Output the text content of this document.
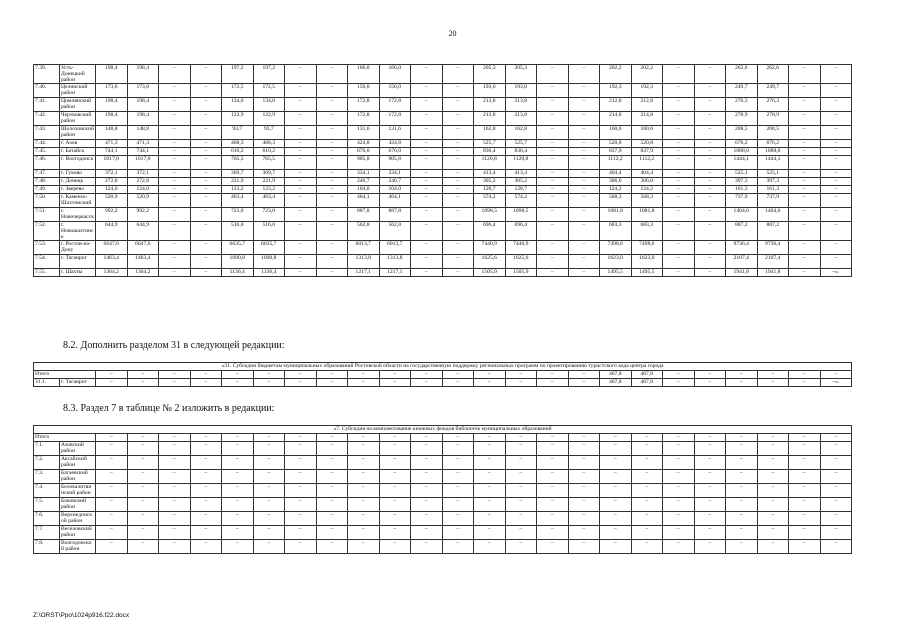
20
7.39.	Усть-Донецкий район	198,4	198,4	–	–	197,2	197,2	–	–	166,0	166,0	–	–	205,3	205,3	–	–	202,2	202,2	–	–	262,6	262,6	–	–
7.40.	Целинский район	173,6	173,6	–	–	172,5	172,5	–	–	156,0	156,0	–	–	193,0	193,0	–	–	192,3	192,3	–	–	249,7	249,7	–	–
7.41.	Цимлянский район	198,4	198,4	–	–	134,0	134,0	–	–	172,8	172,8	–	–	213,8	213,8	–	–	212,8	212,8	–	–	276,3	276,3	–	–
7.42.	Чертковский район	198,4	198,4	–	–	122,9	122,9	–	–	172,8	172,8	–	–	213,8	213,8	–	–	214,8	214,8	–	–	278,9	278,9	–	–
7.43.	Шолоховский район	148,8	148,8	–	–	93,7	93,7	–	–	131,6	131,6	–	–	162,8	162,8	–	–	160,6	160,6	–	–	208,5	208,5	–	–
7.44.	г. Азов	471,3	471,3	–	–	468,3	468,3	–	–	424,8	424,8	–	–	525,7	525,7	–	–	520,8	520,8	–	–	676,2	676,2	–	–
7.45.	г. Батайск	744,1	744,1	–	–	610,2	610,2	–	–	676,0	676,0	–	–	836,4	836,4	–	–	837,9	837,9	–	–	1088,0	1088,0	–	–
7.46.	г. Волгодонск	1017,0	1017,0	–	–	765,5	765,5	–	–	905,8	905,8	–	–	1120,8	1120,8	–	–	1112,2	1112,2	–	–	1444,1	1444,1	–	–
7.47.	г. Гуково	372,1	372,1	–	–	369,7	369,7	–	–	334,1	334,1	–	–	413,4	413,4	–	–	404,4	404,4	–	–	525,1	525,1	–	–
7.48.	г. Донецк	272,8	272,8	–	–	221,9	221,9	–	–	246,7	246,7	–	–	305,2	305,2	–	–	306,0	306,0	–	–	397,3	397,3	–	–
7.49.	г. Зверево	124,0	124,0	–	–	123,2	123,2	–	–	104,0	104,0	–	–	128,7	128,7	–	–	124,2	124,2	–	–	161,3	161,3	–	–
7.50.	г. Каменск-Шахтинский	520,9	520,9	–	–	463,4	463,4	–	–	464,1	464,1	–	–	574,2	574,2	–	–	568,3	568,3	–	–	737,9	737,9	–	–
7.51.	г. Новочеркасск	992,2	992,2	–	–	723,0	723,0	–	–	887,8	887,8	–	–	1098,5	1098,5	–	–	1081,8	1081,8	–	–	1404,6	1404,6	–	–
7.52.	г. Новошахтинск	644,9	644,9	–	–	516,0	516,0	–	–	562,8	562,8	–	–	696,4	696,4	–	–	683,3	683,3	–	–	887,2	887,2	–	–
7.53.	г. Ростов-на-Дону	6647,6	6647,6	–	–	6635,7	6635,7	–	–	6013,7	6013,7	–	–	7440,9	7440,9	–	–	7498,6	7498,6	–	–	9736,4	9736,4	–	–
7.54.	г. Таганрог	1463,4	1463,4	–	–	1090,8	1090,8	–	–	1313,8	1313,8	–	–	1625,6	1625,6	–	–	1623,0	1623,0	–	–	2107,4	2107,4	–	–
7.55.	г. Шахты	1364,2	1364,2	–	–	1136,4	1136,4	–	–	1217,1	1217,1	–	–	1505,9	1505,9	–	–	1495,5	1495,5	–	–	1941,8	1941,8	–	–».
8.2. Дополнить разделом 31 в следующей редакции:
«31. Субсидии бюджетам муниципальных образований Ростовской области на государственную поддержку региональных программ по проектированию туристского кода центра города																									
Итого		–	–	–	–	–	–	–	–	–	–	–	–	–	–	–	–	467,8	467,8	–	–	–	–	–	–
31.1.	г. Таганрог	–	–	–	–	–	–	–	–	–	–	–	–	–	–	–	–	467,8	467,8	–	–	–	–	–	–».
8.3. Раздел 7 в таблице № 2 изложить в редакции:
«7. Субсидия на комплектование книжных фондов библиотек муниципальных образований																									
Итого		–	–	–	–	–	–	–	–	–	–	–	–	–	–	–	–	–	–	–	–	–	–	–	–
7.1.	Азовский район	–	–	–	–	–	–	–	–	–	–	–	–	–	–	–	–	–	–	–	–	–	–	–	–
7.2.	Аксайский район	–	–	–	–	–	–	–	–	–	–	–	–	–	–	–	–	–	–	–	–	–	–	–	–
7.3.	Багаевский район	–	–	–	–	–	–	–	–	–	–	–	–	–	–	–	–	–	–	–	–	–	–	–	–
7.4.	Белокалитвинский район	–	–	–	–	–	–	–	–	–	–	–	–	–	–	–	–	–	–	–	–	–	–	–	–
7.5.	Боковский район	–	–	–	–	–	–	–	–	–	–	–	–	–	–	–	–	–	–	–	–	–	–	–	–
7.6.	Верхнедонской район	–	–	–	–	–	–	–	–	–	–	–	–	–	–	–	–	–	–	–	–	–	–	–	–
7.7.	Веселовский район	–	–	–	–	–	–	–	–	–	–	–	–	–	–	–	–	–	–	–	–	–	–	–	–
7.8.	Волгодонской район	–	–	–	–	–	–	–	–	–	–	–	–	–	–	–	–	–	–	–	–	–	–	–	–
Z:\ORST\Ppo\1024р916.f22.docx
